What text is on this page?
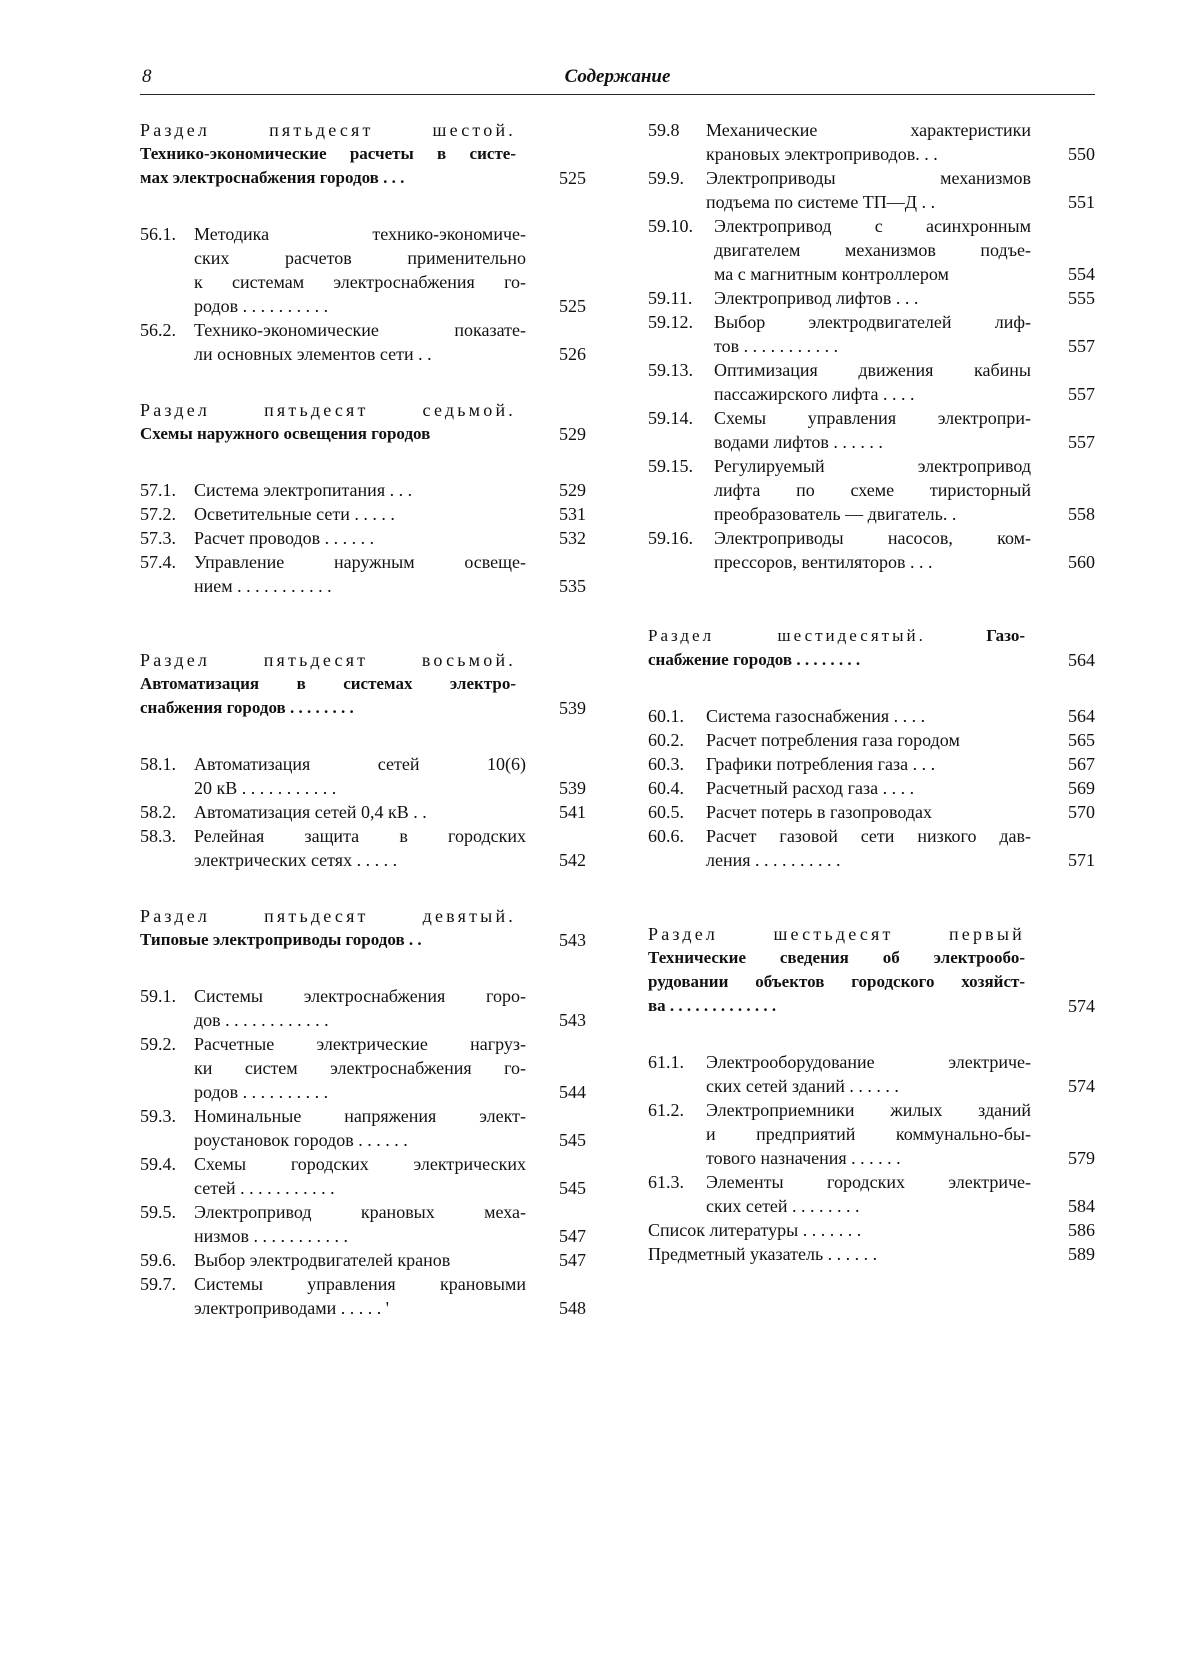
8	Содержание
Раздел пятьдесят шестой.
Технико-экономические расчеты в систе-
мах электроснабжения городов . . .	525
56.1. Методика технико-экономиче-
ских расчетов применительно
к системам электроснабжения го-
родов . . . . . . . . . .	525
56.2. Технико-экономические показате-
ли основных элементов сети . .	526
Раздел пятьдесят седьмой.
Схемы наружного освещения городов	529
57.1. Система электропитания . . .	529
57.2. Осветительные сети . . . . .	531
57.3. Расчет проводов . . . . . .	532
57.4. Управление наружным освеще-
нием . . . . . . . . . . .	535
Раздел пятьдесят восьмой.
Автоматизация в системах электро-
снабжения городов . . . . . . . .	539
58.1. Автоматизация сетей 10(6)
20 кВ . . . . . . . . . . .	539
58.2. Автоматизация сетей 0,4 кВ . .	541
58.3. Релейная защита в городских
электрических сетях . . . . .	542
Раздел пятьдесят девятый.
Типовые электроприводы городов . .	543
59.1. Системы электроснабжения горо-
дов . . . . . . . . . . . .	543
59.2. Расчетные электрические нагруз-
ки систем электроснабжения го-
родов . . . . . . . . . .	544
59.3. Номинальные напряжения элект-
роустановок городов . . . . . .	545
59.4. Схемы городских электрических
сетей . . . . . . . . . . .	545
59.5. Электропривод крановых меха-
низмов . . . . . . . . . . .	547
59.6. Выбор электродвигателей кранов	547
59.7. Системы управления крановыми
электроприводами . . . . . '	548
59.8 Механические характеристики
крановых электроприводов. . .	550
59.9. Электроприводы механизмов
подъема по системе ТП—Д . .	551
59.10. Электропривод с асинхронным
двигателем механизмов подъе-
ма с магнитным контроллером	554
59.11. Электропривод лифтов . . .	555
59.12. Выбор электродвигателей лиф-
тов . . . . . . . . . . .	557
59.13. Оптимизация движения кабины
пассажирского лифта . . . .	557
59.14. Схемы управления электропри-
водами лифтов . . . . . .	557
59.15. Регулируемый электропривод
лифта по схеме тиристорный
преобразователь — двигатель. .	558
59.16. Электроприводы насосов, ком-
прессоров, вентиляторов . . .	560
Раздел шестидесятый.	Газо-
снабжение городов . . . . . . . .	564
60.1. Система газоснабжения . . . .	564
60.2. Расчет потребления газа городом	565
60.3. Графики потребления газа . . .	567
60.4. Расчетный расход газа . . . .	569
60.5. Расчет потерь в газопроводах	570
60.6. Расчет газовой сети низкого дав-
ления . . . . . . . . . .	571
Раздел шестьдесят первый
Технические сведения об электрообо-
рудовании объектов городского хозяйст-
ва . . . . . . . . . . . . .	574
61.1. Электрооборудование электриче-
ских сетей зданий . . . . . .	574
61.2. Электроприемники жилых зданий
и предприятий коммунально-бы-
тового назначения . . . . . .	579
61.3. Элементы городских электриче-
ских сетей . . . . . . . .	584
Список литературы . . . . . . .	586
Предметный указатель . . . . . .	589
